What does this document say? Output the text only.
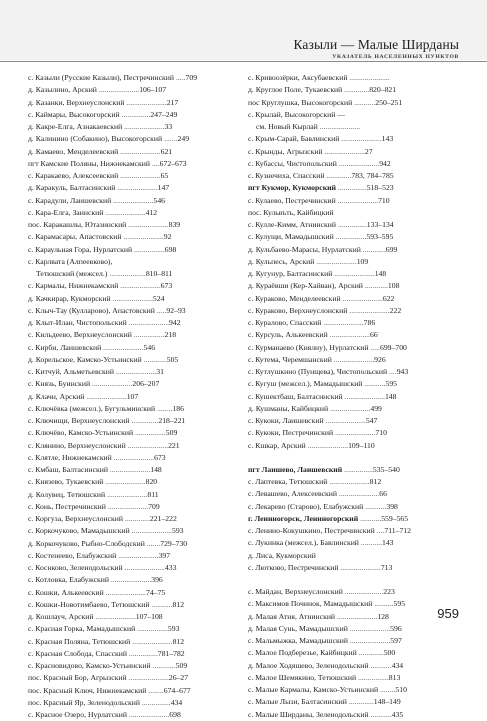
Казыли — Малые Ширданы
УКАЗАТЕЛЬ НАСЕЛЕННЫХ ПУНКТОВ
с. Казыли (Русские Казыли), Пестречинский .....709
д. Казылино, Арский .....................106–107
д. Казанки, Верхнеуслонский .....................217
с. Каймары, Высокогорский ...............247–249
д. Какре-Елга, Азнакаевский .....................33
д. Калинино (Собакино), Высокогорский .......249
д. Камаево, Менделеевский .....................621
пгт Камские Поляны, Нижнекамский ....672–673
с. Каракаево, Алексеевский .....................65
д. Каракуль, Балтасинский .....................147
с. Карадули, Лаишевский .....................546
с. Кара-Елга, Заинский .....................412
пос. Каракашлы, Ютазинский .....................839
с. Карамасары, Апастовский .....................92
с. Караульная Гора, Нурлатский ................698
с. Карлвата (Алпеевково),
Тетюшский (межсел.) ...................810–811
с. Кармалы, Нижнекамский .....................673
д. Качкирар, Кукморский .....................524
с. Клыч-Тау (Кулларово), Апастовский .....92–93
д. Клыт-Илан, Чистопольский .....................942
с. Кильдеево, Верхнеуслонский ................218
с. Кирби, Лаишевский .....................546
д. Корельское, Камско-Устьинский ............505
с. Китчуй, Альметьевский .....................31
с. Князь, Буинский .....................206–207
д. Клачи, Арский .....................107
с. Ключёвка (межсел.), Бугульминский ........186
с. Ключищи, Верхнеуслонский ..............218–221
с. Ключёво, Камско-Устьинский ................509
с. Клянино, Верхнеуслонский .....................221
с. Клятле, Нижнекамский .....................673
с. Кмбаш, Балтасинский .....................148
с. Князево, Тукаевский .....................820
д. Колувец, Тетюшский .....................811
с. Конь, Пестречинский .....................709
с. Коргуза, Верхнеуслонский .............221–222
с. Коркочуково, Мамадышский .....................593
д. Коркочуково, Рыбно-Слободский .......729–730
с. Костенеево, Елабужский .....................397
с. Коснково, Зеленодольский .....................433
с. Котловка, Елабужский .....................396
с. Кошки, Алькеевский .....................74–75
с. Кошки-Новотимбаево, Тетюшский ...........812
д. Кошлауч, Арский .....................107–108
с. Красная Горка, Мамадышский ................593
с. Красная Поляна, Тетюшский .....................812
с. Красная Слобода, Спасский ...............781–782
с. Красновидово, Камско-Устьинский ............509
пос. Красный Бор, Агрызский .....................26–27
пос. Красный Ключ, Нижнекамский ........674–677
пос. Красный Яр, Зеленодольский ...............434
с. Красное Озеро, Нурлатский .....................698
с. Кривоозёрки, Аксубаевский .....................
д. Круглое Поле, Тукаевский .............820–821
пос Круглушка, Высокогорский ...........250–251
с. Крылай, Высокогорский —
см. Новый Кырлай .....................
с. Крым-Сарай, Бавлинский .....................143
с. Крынды, Агрызский .....................27
с. Кубассы, Чистопольский .....................942
с. Кузнечиха, Спасский .............783, 784–785
пгт Кукмор, Кукморский ...............518–523
с. Кулаево, Пестречинский .....................710
пос. Кульвъть, Кайбицкий
с. Кулле-Кимм, Атнинский ...............133–134
с. Кулущи, Мамадышский ................593–595
д. Кульбаево-Марасы, Нурлатский ............699
д. Кульпесь, Арский .....................109
д. Кугунур, Балтасинский .....................148
д. Кураёвши (Кер-Хайван), Арский ............108
с. Кураково, Менделеевский .....................622
с. Кураково, Верхнеуслонский .....................222
с. Куралово, Спасский .....................786
с. Курсуль, Алькеевский .....................66
с. Курманаево (Киялну), Нурлатский .....699–700
с. Кутема, Черемшанский .....................926
с. Кутлушкино (Пунщева), Чистопольский ....943
с. Кугуш (межсел.), Мамадышский ...........595
с. Кушектбаш, Балтасинский .....................148
д. Кушманы, Кайбицкий .....................499
с. Кукоки, Лаишевский .....................547
с. Кукоки, Пестречинский .....................710
с. Кшкар, Арский .....................109–110
пгт Лаишево, Лаишевский ...............535–540
с. Лаптевка, Тетюшский .....................812
с. Левашево, Алексеевский .....................66
с. Лекарево (Старово), Елабужский ...........398
г. Лениногорск, Лениногорский ...........559–565
с. Ленино-Кокушкино, Пестречинский ....711–712
с. Лукинка (межсел.), Бавлинский ...........143
д. Лиса, Кукморский
с. Лютково, Пестречинский .....................713
с. Майдан, Верхнеуслонский ....................223
с. Максимов Починок, Мамадышский ..........595
д. Малая Атня, Атнинский .....................128
д. Малая Сунь, Мамадышский .....................596
с. Мальмыжка, Мамадышский .....................597
с. Малое Подберезье, Кайбицкий .............500
д. Малое Ходяшево, Зеленодольский ...........434
с. Малое Шемякино, Тетюшский ................813
с. Малые Кармалы, Камско-Устьинский ........510
с. Малые Лызи, Балтасинский .............148–149
с. Малые Ширданы, Зеленодольский ...........435
959
